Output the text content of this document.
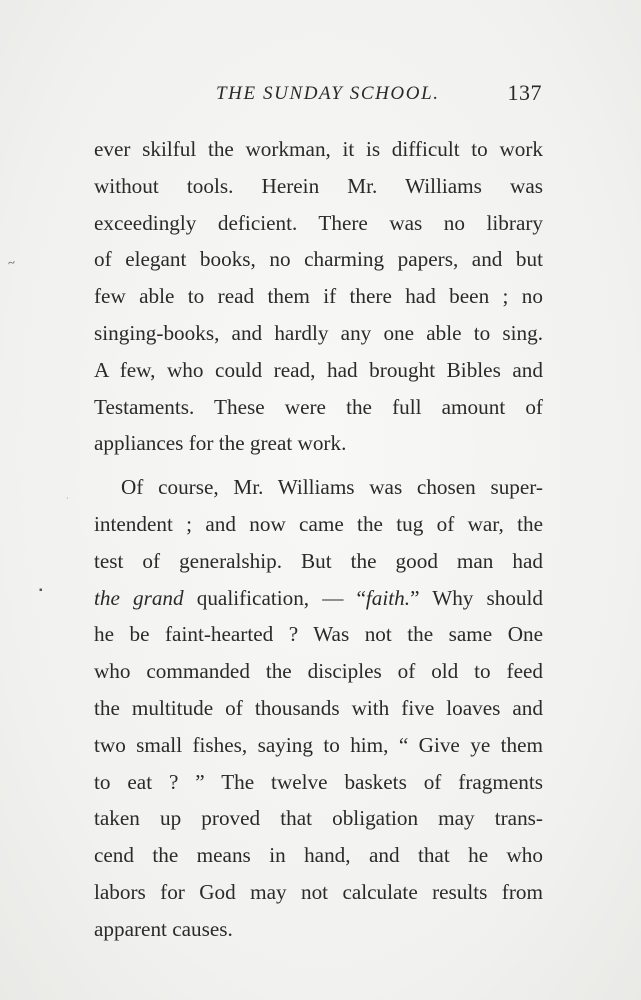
THE SUNDAY SCHOOL.	137
~
▪
·
ever skilful the workman, it is difficult to work
without tools. Herein Mr. Williams was
exceedingly deficient. There was no library
of elegant books, no charming papers, and but
few able to read them if there had been ; no
singing-books, and hardly any one able to sing.
A few, who could read, had brought Bibles and
Testaments. These were the full amount of
appliances for the great work.
Of course, Mr. Williams was chosen super-
intendent ; and now came the tug of war, the
test of generalship. But the good man had
the grand qualification, — “faith.” Why should
he be faint-hearted ? Was not the same One
who commanded the disciples of old to feed
the multitude of thousands with five loaves and
two small fishes, saying to him, “ Give ye them
to eat ? ” The twelve baskets of fragments
taken up proved that obligation may trans-
cend the means in hand, and that he who
labors for God may not calculate results from
apparent causes.
